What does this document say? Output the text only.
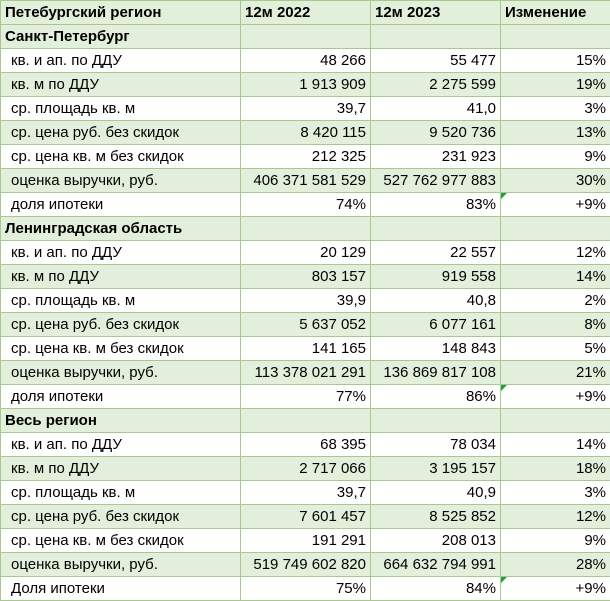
Петебургский регион	12м 2022	12м 2023	Изменение
Санкт-Петербург			
кв. и ап. по ДДУ	48 266	55 477	15%
кв. м по ДДУ	1 913 909	2 275 599	19%
ср. площадь кв. м	39,7	41,0	3%
ср. цена руб. без скидок	8 420 115	9 520 736	13%
ср. цена кв. м без скидок	212 325	231 923	9%
оценка выручки, руб.	406 371 581 529	527 762 977 883	30%
доля ипотеки	74%	83%	+9%
Ленинградская область			
кв. и ап. по ДДУ	20 129	22 557	12%
кв. м по ДДУ	803 157	919 558	14%
ср. площадь кв. м	39,9	40,8	2%
ср. цена руб. без скидок	5 637 052	6 077 161	8%
ср. цена кв. м без скидок	141 165	148 843	5%
оценка выручки, руб.	113 378 021 291	136 869 817 108	21%
доля ипотеки	77%	86%	+9%
Весь регион			
кв. и ап. по ДДУ	68 395	78 034	14%
кв. м по ДДУ	2 717 066	3 195 157	18%
ср. площадь кв. м	39,7	40,9	3%
ср. цена руб. без скидок	7 601 457	8 525 852	12%
ср. цена кв. м без скидок	191 291	208 013	9%
оценка выручки, руб.	519 749 602 820	664 632 794 991	28%
Доля ипотеки	75%	84%	+9%
